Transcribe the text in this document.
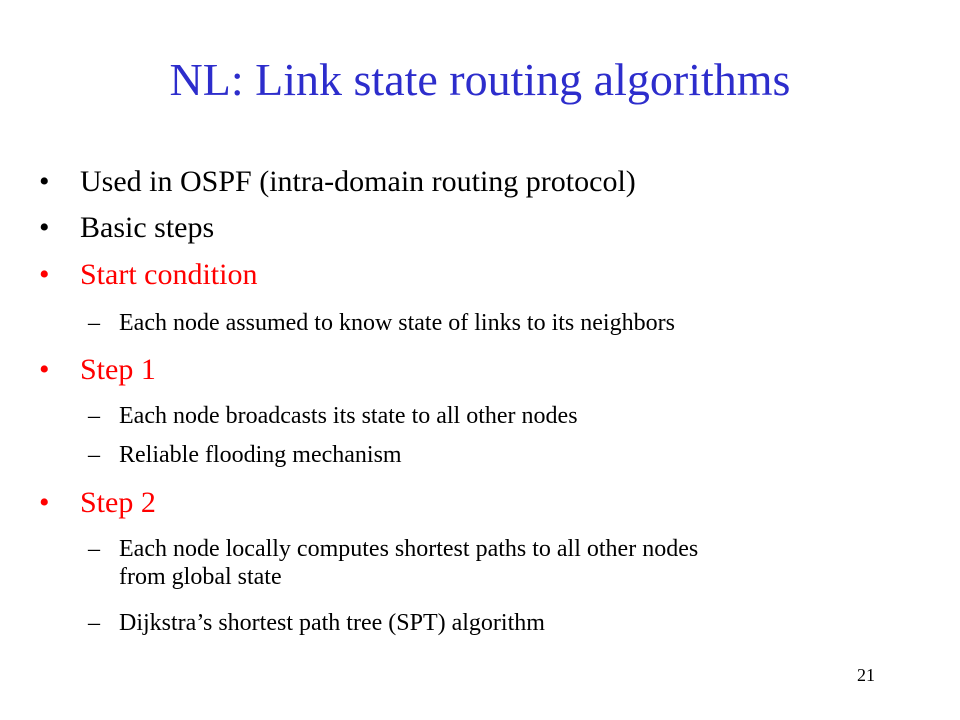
NL: Link state routing algorithms
• Used in OSPF (intra-domain routing protocol)
• Basic steps
• Start condition
– Each node assumed to know state of links to its neighbors
• Step 1
– Each node broadcasts its state to all other nodes
– Reliable flooding mechanism
• Step 2
– Each node locally computes shortest paths to all other nodes
from global state
– Dijkstra’s shortest path tree (SPT) algorithm
21
